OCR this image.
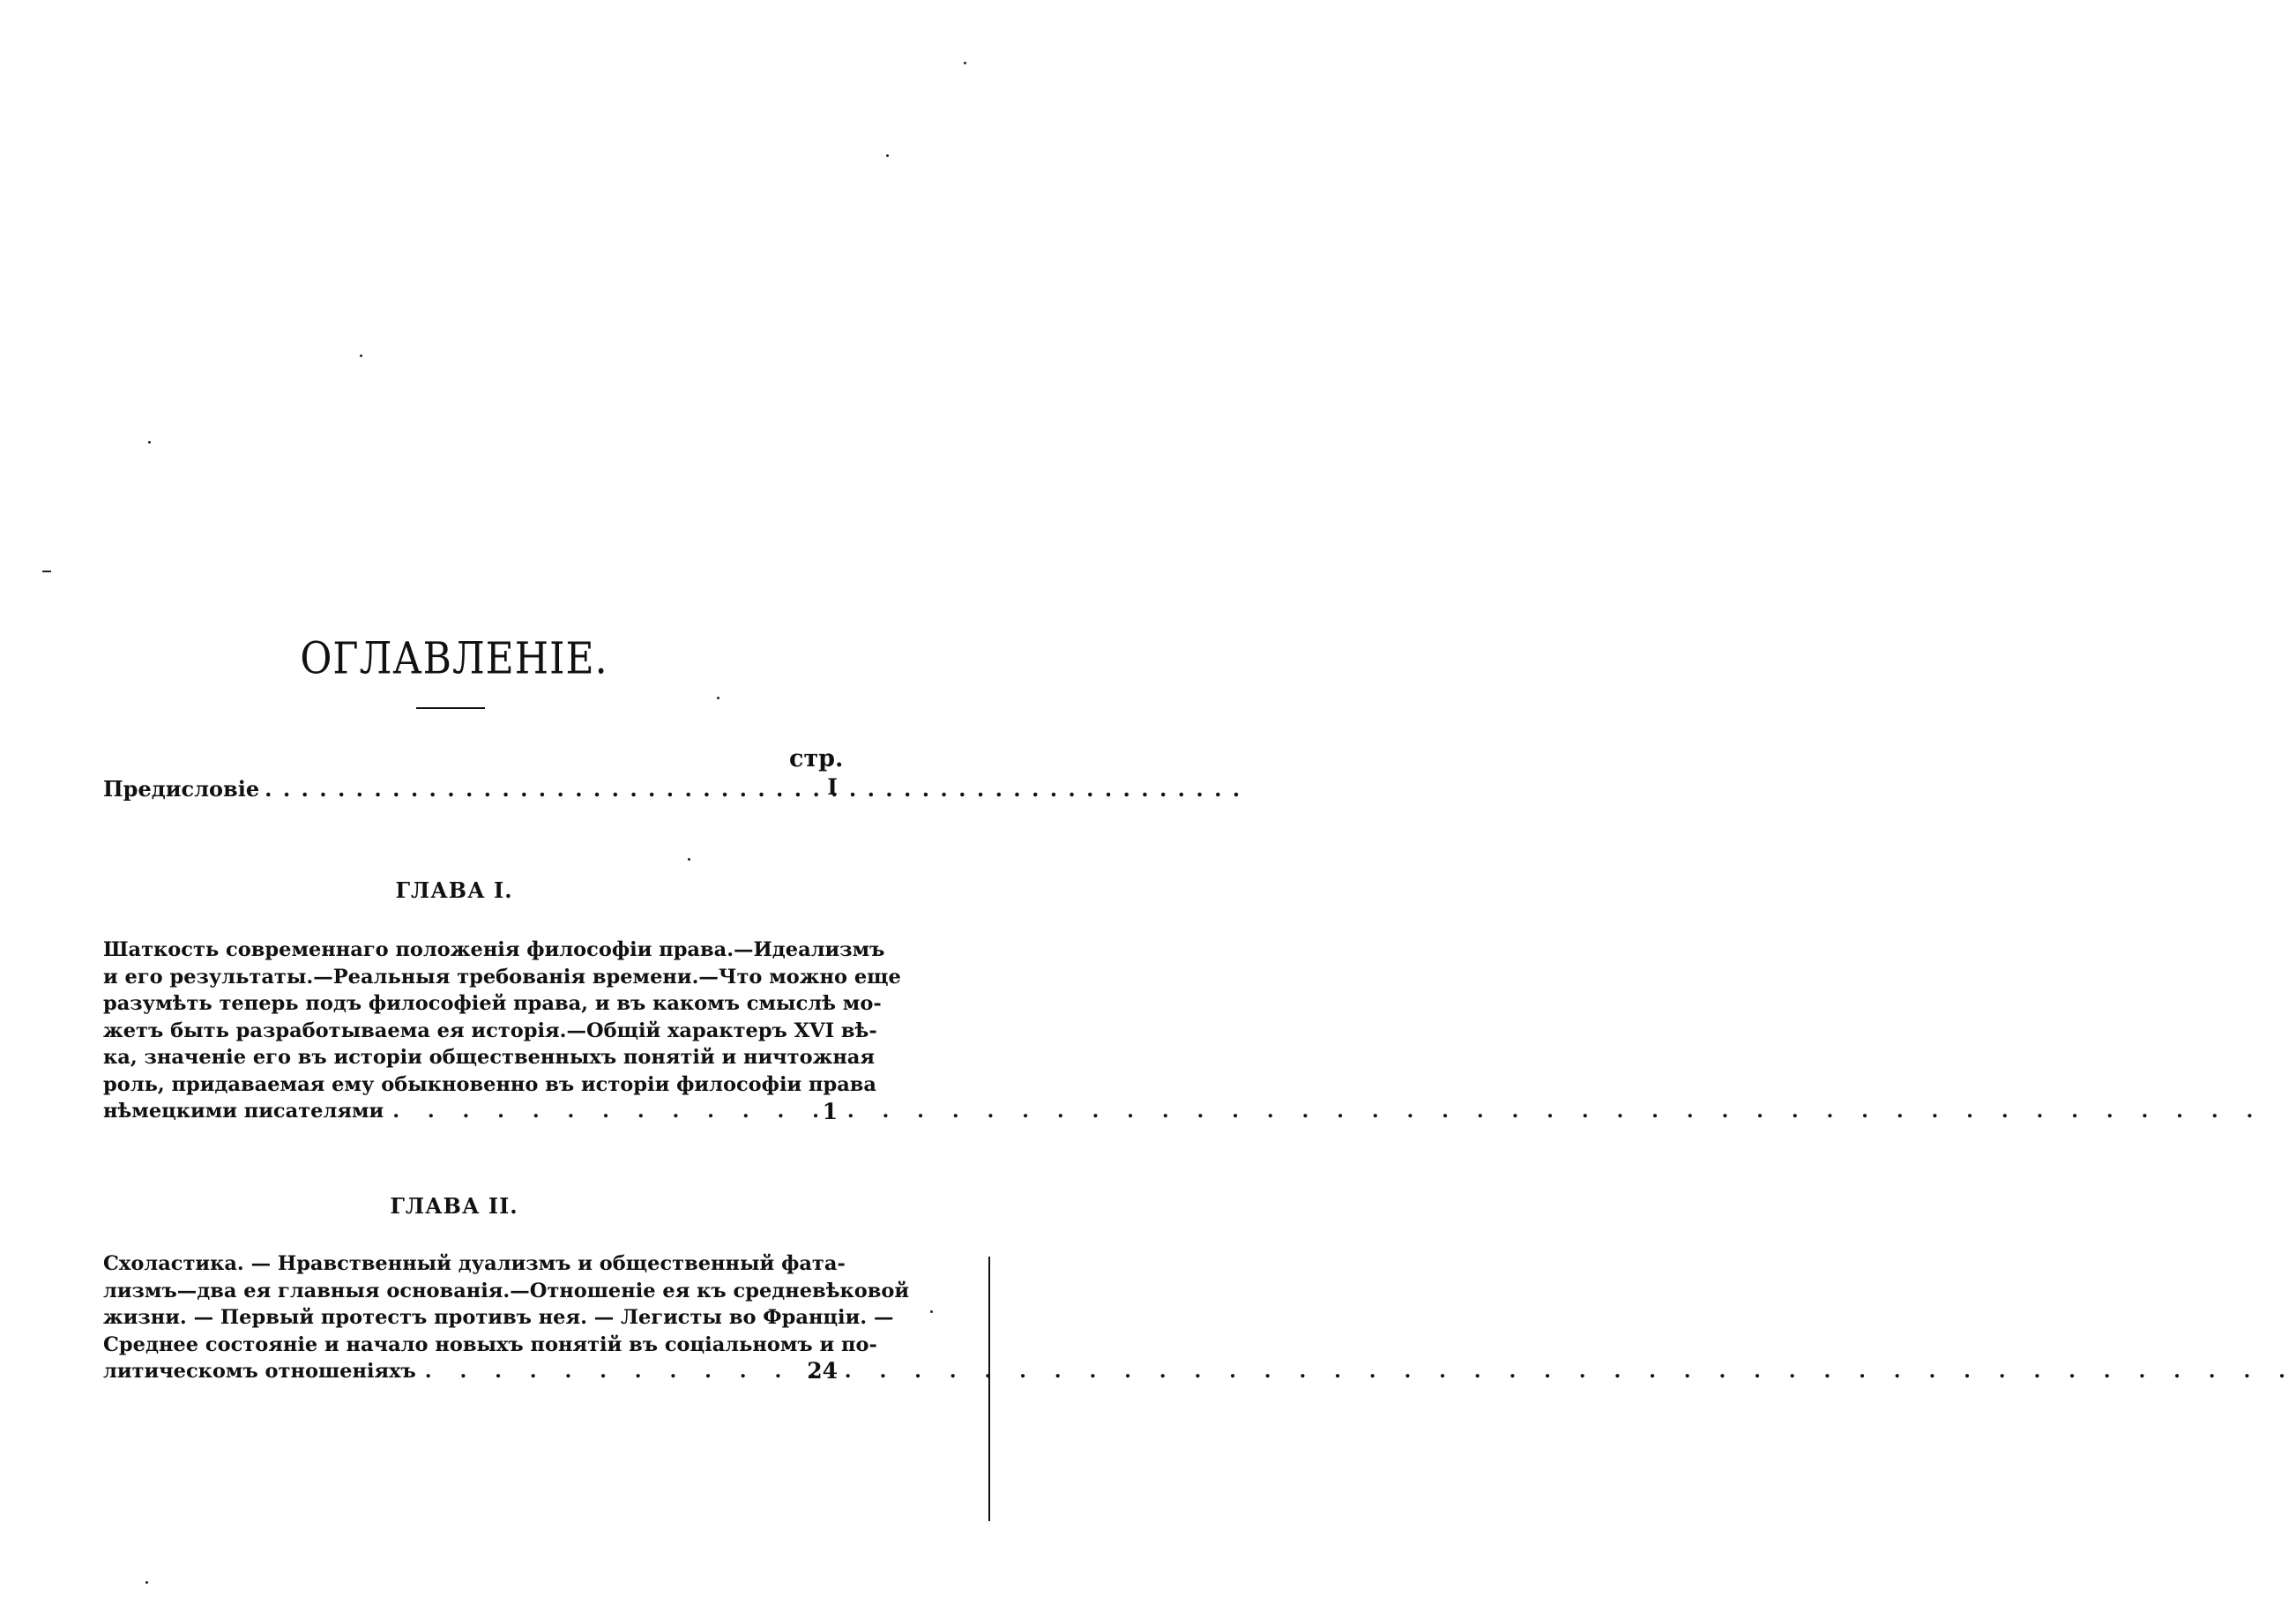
ОГЛАВЛЕНІЕ.
стр.
Предисловіе . . .	I
ГЛАВА I.
Шаткость современнаго положенія философіи права.—Идеализмъ
и его результаты.—Реальныя требованія времени.—Что можно еще
разумѣть теперь подъ философіей права, и въ какомъ смыслѣ мо-
жетъ быть разработываема ея исторія.—Общій характеръ XVI вѣ-
ка, значеніе его въ исторіи общественныхъ понятій и ничтожная
роль, придаваемая ему обыкновенно въ исторіи философіи права
нѣмецкими писателями . . .	1
ГЛАВА II.
Схоластика. — Нравственный дуализмъ и общественный фата-
лизмъ—два ея главныя основанія.—Отношеніе ея къ средневѣковой
жизни. — Первый протестъ противъ нея. — Легисты во Франціи. —
Среднее состояніе и начало новыхъ понятій въ соціальномъ и по-
литическомъ отношеніяхъ . . .	24
